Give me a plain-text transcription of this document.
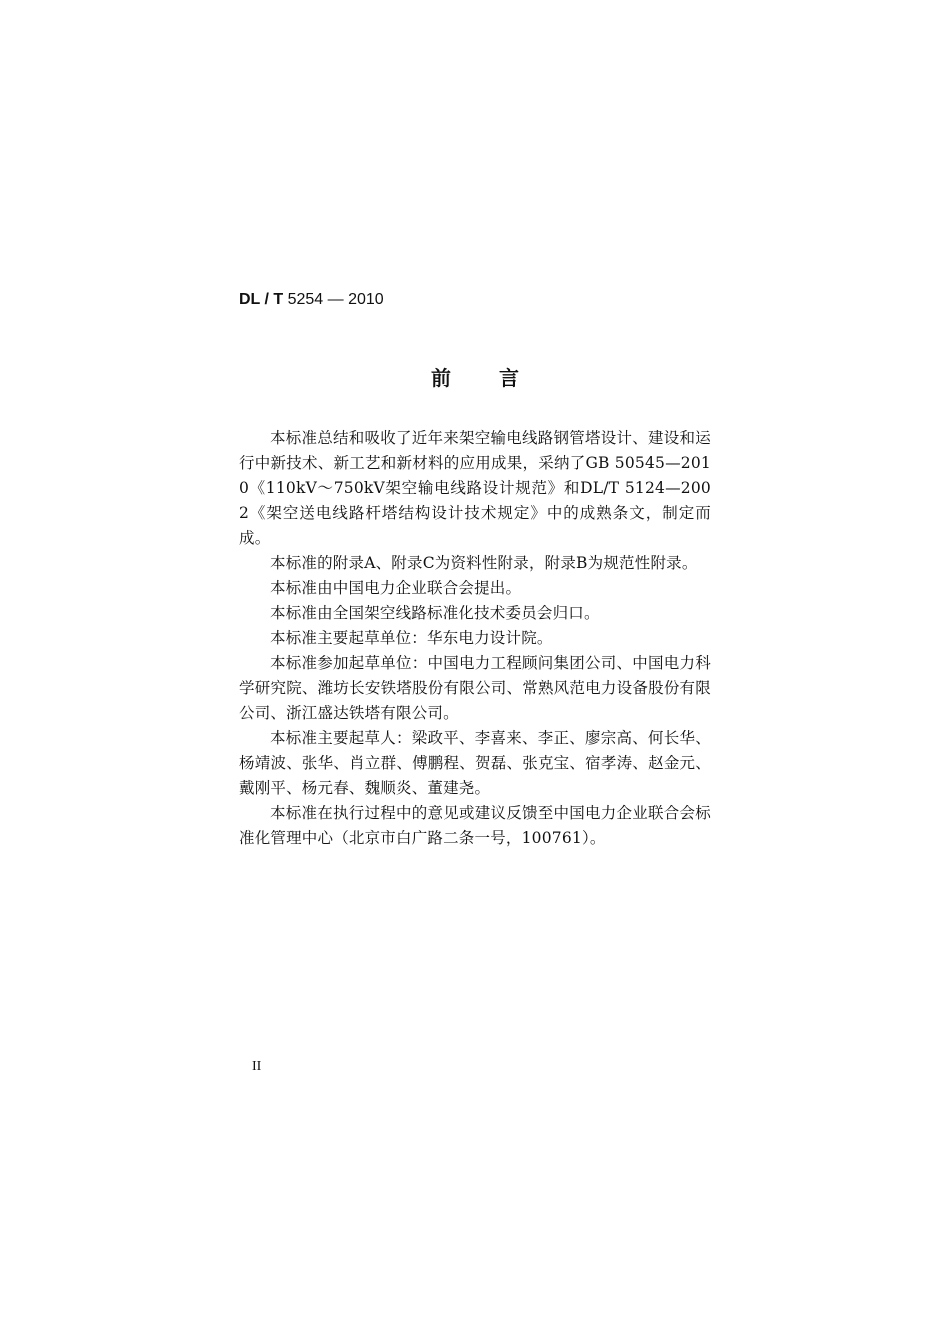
DL / T 5254 — 2010
前言

本标准总结和吸收了近年来架空输电线路钢管塔设计、建设和运行中新技术、新工艺和新材料的应用成果，采纳了GB 50545—2010《110kV～750kV架空输电线路设计规范》和DL/T 5124—2002《架空送电线路杆塔结构设计技术规定》中的成熟条文，制定而成。

本标准的附录A、附录C为资料性附录，附录B为规范性附录。

本标准由中国电力企业联合会提出。

本标准由全国架空线路标准化技术委员会归口。

本标准主要起草单位：华东电力设计院。

本标准参加起草单位：中国电力工程顾问集团公司、中国电力科学研究院、潍坊长安铁塔股份有限公司、常熟风范电力设备股份有限公司、浙江盛达铁塔有限公司。

本标准主要起草人：梁政平、李喜来、李正、廖宗高、何长华、杨靖波、张华、肖立群、傅鹏程、贺磊、张克宝、宿孝涛、赵金元、戴刚平、杨元春、魏顺炎、董建尧。

本标准在执行过程中的意见或建议反馈至中国电力企业联合会标准化管理中心（北京市白广路二条一号，100761）。

II
